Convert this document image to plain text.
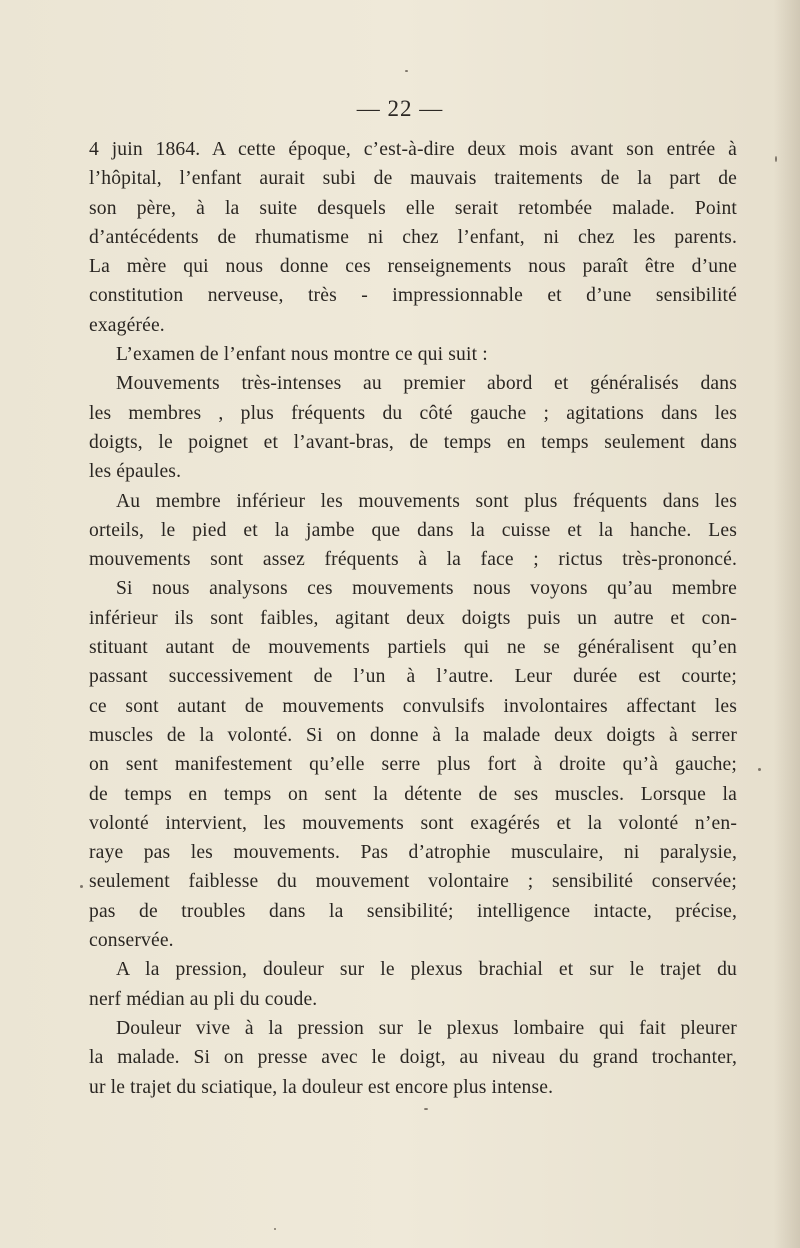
— 22 —
4 juin 1864. A cette époque, c’est-à-dire deux mois avant son entrée à
l’hôpital, l’enfant aurait subi de mauvais traitements de la part de
son père, à la suite desquels elle serait retombée malade. Point
d’antécédents de rhumatisme ni chez l’enfant, ni chez les parents.
La mère qui nous donne ces renseignements nous paraît être d’une
constitution nerveuse, très - impressionnable et d’une sensibilité
exagérée.
L’examen de l’enfant nous montre ce qui suit :
Mouvements très-intenses au premier abord et généralisés dans
les membres , plus fréquents du côté gauche ; agitations dans les
doigts, le poignet et l’avant-bras, de temps en temps seulement dans
les épaules.
Au membre inférieur les mouvements sont plus fréquents dans les
orteils, le pied et la jambe que dans la cuisse et la hanche. Les
mouvements sont assez fréquents à la face ; rictus très-prononcé.
Si nous analysons ces mouvements nous voyons qu’au membre
inférieur ils sont faibles, agitant deux doigts puis un autre et con-
stituant autant de mouvements partiels qui ne se généralisent qu’en
passant successivement de l’un à l’autre. Leur durée est courte;
ce sont autant de mouvements convulsifs involontaires affectant les
muscles de la volonté. Si on donne à la malade deux doigts à serrer
on sent manifestement qu’elle serre plus fort à droite qu’à gauche;
de temps en temps on sent la détente de ses muscles. Lorsque la
volonté intervient, les mouvements sont exagérés et la volonté n’en-
raye pas les mouvements. Pas d’atrophie musculaire, ni paralysie,
seulement faiblesse du mouvement volontaire ; sensibilité conservée;
pas de troubles dans la sensibilité; intelligence intacte, précise,
conservée.
A la pression, douleur sur le plexus brachial et sur le trajet du
nerf médian au pli du coude.
Douleur vive à la pression sur le plexus lombaire qui fait pleurer
la malade. Si on presse avec le doigt, au niveau du grand trochanter,
ur le trajet du sciatique, la douleur est encore plus intense.
